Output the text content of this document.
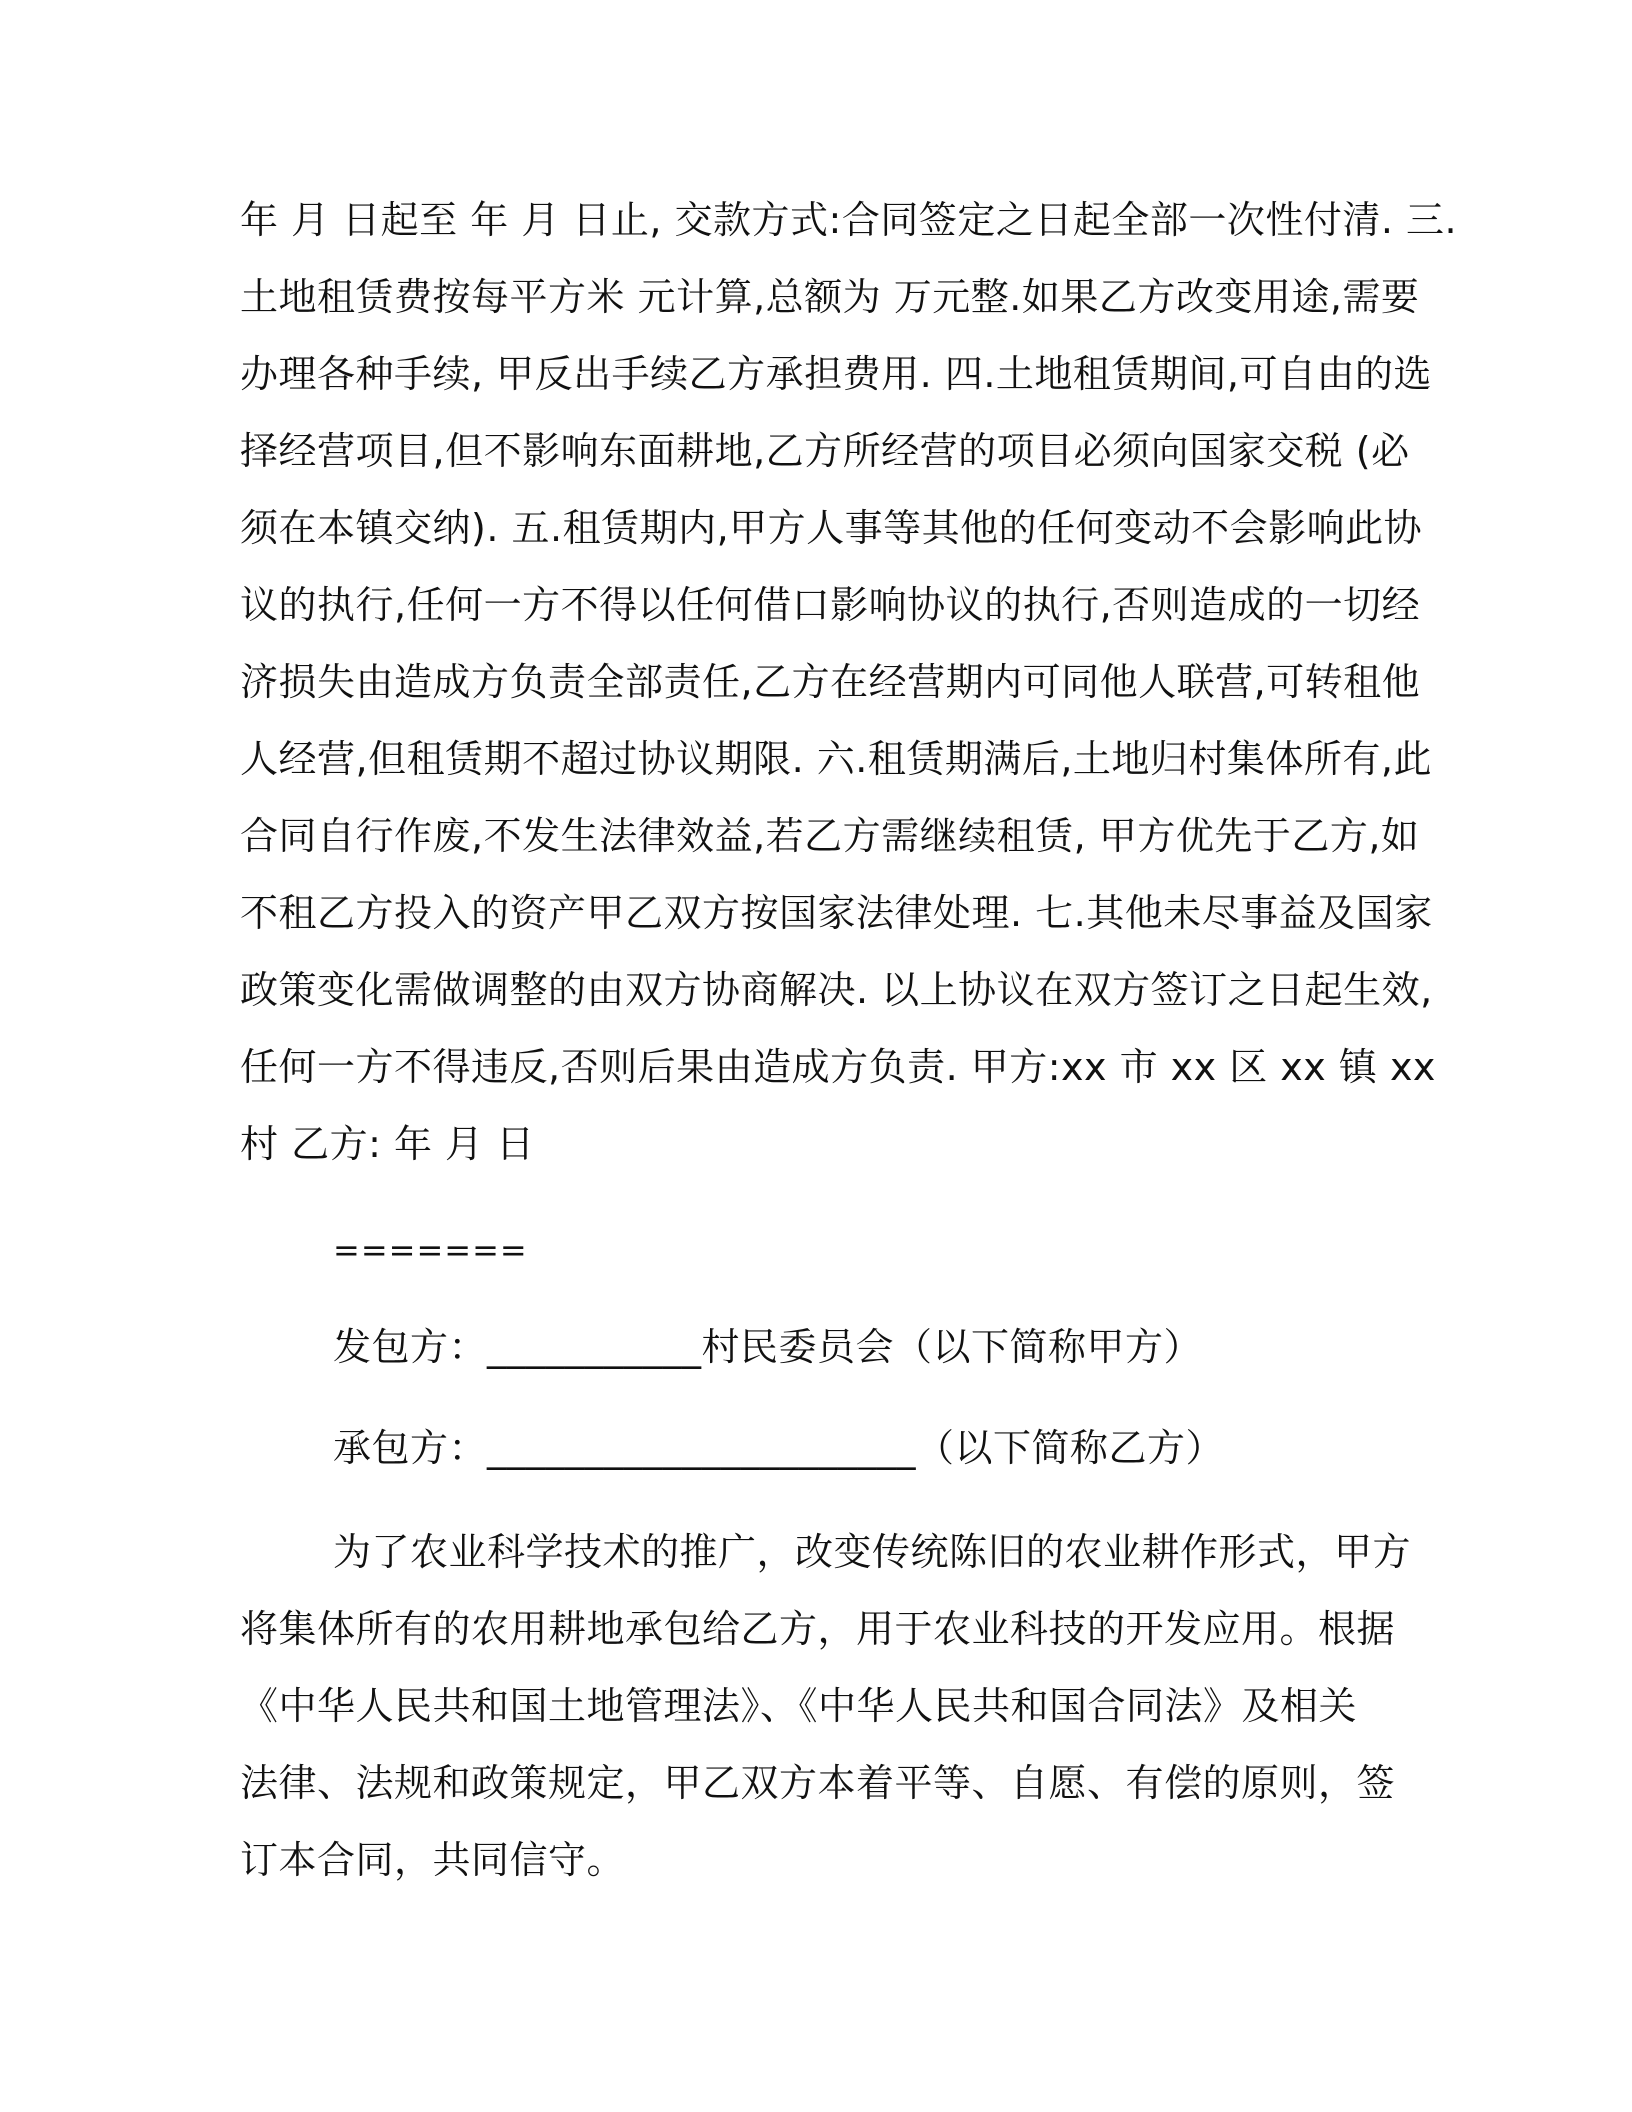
年 月 日起至 年 月 日止, 交款方式:合同签定之日起全部一次性付清. 三.
土地租赁费按每平方米 元计算,总额为 万元整.如果乙方改变用途,需要
办理各种手续, 甲反出手续乙方承担费用. 四.土地租赁期间,可自由的选
择经营项目,但不影响东面耕地,乙方所经营的项目必须向国家交税 (必
须在本镇交纳). 五.租赁期内,甲方人事等其他的任何变动不会影响此协
议的执行,任何一方不得以任何借口影响协议的执行,否则造成的一切经
济损失由造成方负责全部责任,乙方在经营期内可同他人联营,可转租他
人经营,但租赁期不超过协议期限. 六.租赁期满后,土地归村集体所有,此
合同自行作废,不发生法律效益,若乙方需继续租赁, 甲方优先于乙方,如
不租乙方投入的资产甲乙双方按国家法律处理. 七.其他未尽事益及国家
政策变化需做调整的由双方协商解决. 以上协议在双方签订之日起生效,
任何一方不得违反,否则后果由造成方负责. 甲方:xx 市 xx 区 xx 镇 xx
村 乙方: 年 月 日
=======
发包方：___________村民委员会（以下简称甲方）
承包方：______________________（以下简称乙方）
为了农业科学技术的推广，改变传统陈旧的农业耕作形式，甲方
将集体所有的农用耕地承包给乙方，用于农业科技的开发应用。根据
《中华人民共和国土地管理法》、《中华人民共和国合同法》及相关
法律、法规和政策规定，甲乙双方本着平等、自愿、有偿的原则，签
订本合同，共同信守。
